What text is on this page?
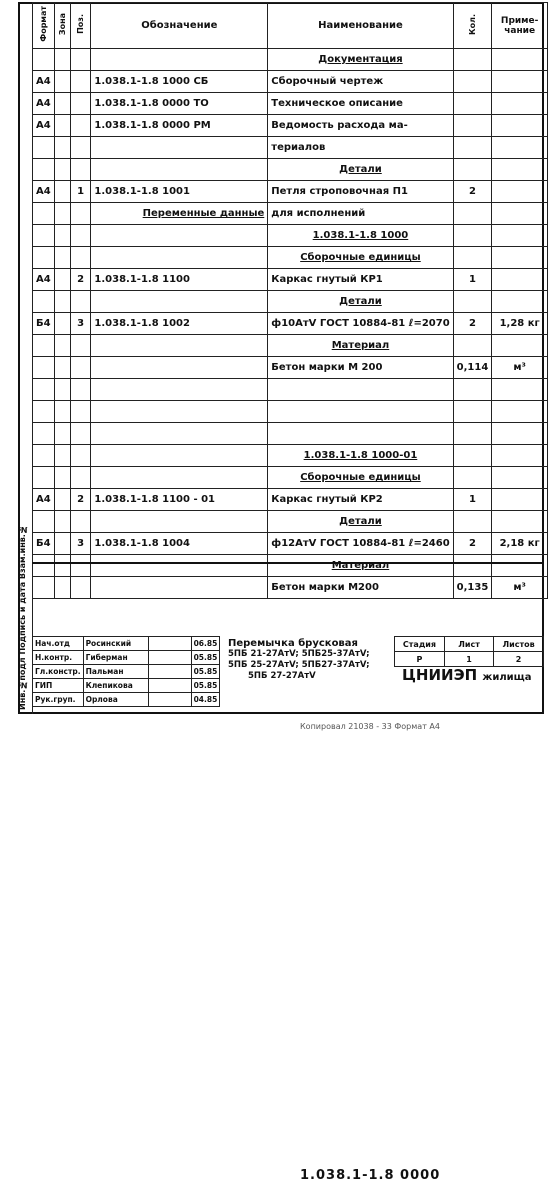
Формат	Зона	Поз.	Обозначение	Наименование	Кол.	Приме- чание
				Документация		
А4			1.038.1-1.8 1000 СБ	Сборочный чертеж		
А4			1.038.1-1.8 0000 ТО	Техническое описание		
А4			1.038.1-1.8 0000 РМ	Ведомость расхода ма-		
				териалов		
				Детали		
А4		1	1.038.1-1.8 1001	Петля строповочная П1	2	
			Переменные данные	для исполнений		
				1.038.1-1.8 1000		
				Сборочные единицы		
А4		2	1.038.1-1.8 1100	Каркас гнутый КР1	1	
				Детали		
Б4		3	1.038.1-1.8 1002	ф10АтV ГОСТ 10884-81 ℓ=2070	2	1,28 кг
				Материал		
				Бетон марки М 200	0,114	м³

				1.038.1-1.8 1000-01		
				Сборочные единицы		
А4		2	1.038.1-1.8 1100 - 01	Каркас гнутый КР2	1	
				Детали		
Б4		3	1.038.1-1.8 1004	ф12АтV ГОСТ 10884-81 ℓ=2460	2	2,18 кг
				Материал		
				Бетон марки М200	0,135	м³
Инв.№подл Подпись и дата Взам.инв.№
1.038.1-1.8 0000
Нач.отд	Росинский		06.85
Н.контр.	Гиберман		05.85
Гл.констр.	Пальман		05.85
ГИП	Клепикова		05.85
Рук.груп.	Орлова		04.85
Перемычка брусковая
5ПБ 21-27АтV; 5ПБ25-37АтV;
5ПБ 25-27АтV; 5ПБ27-37АтV;
5ПБ 27-27АтV
Стадия	Лист	Листов
Р	1	2
ЦНИИЭП жилища
Копировал 21038 - 33 Формат А4
